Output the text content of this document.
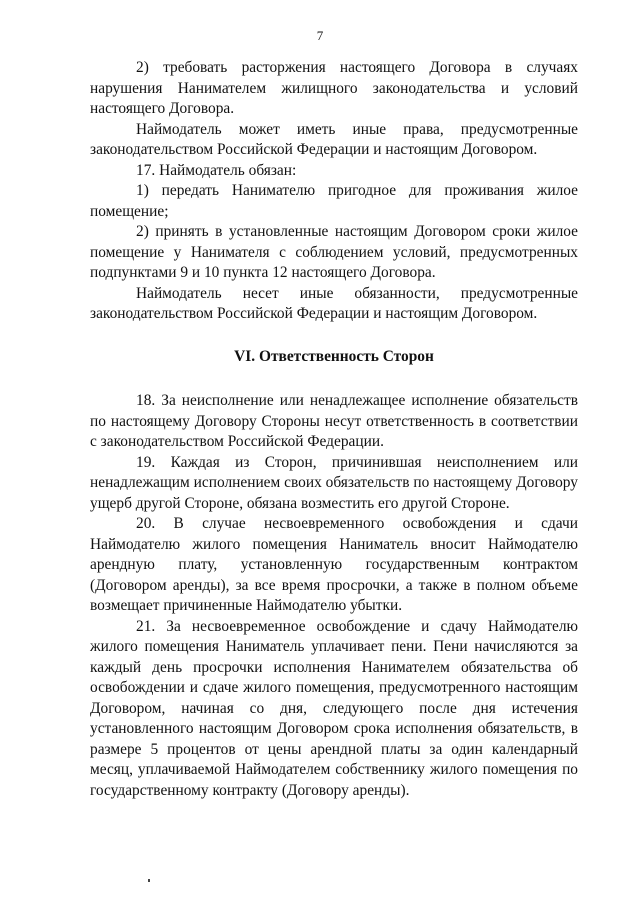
7

2) требовать расторжения настоящего Договора в случаях нарушения Нанимателем жилищного законодательства и условий настоящего Договора.

Наймодатель может иметь иные права, предусмотренные законодательством Российской Федерации и настоящим Договором.

17. Наймодатель обязан:

1) передать Нанимателю пригодное для проживания жилое помещение;

2) принять в установленные настоящим Договором сроки жилое помещение у Нанимателя с соблюдением условий, предусмотренных подпунктами 9 и 10 пункта 12 настоящего Договора.

Наймодатель несет иные обязанности, предусмотренные законодательством Российской Федерации и настоящим Договором.

VI. Ответственность Сторон

18. За неисполнение или ненадлежащее исполнение обязательств по настоящему Договору Стороны несут ответственность в соответствии с законодательством Российской Федерации.

19. Каждая из Сторон, причинившая неисполнением или ненадлежащим исполнением своих обязательств по настоящему Договору ущерб другой Стороне, обязана возместить его другой Стороне.

20. В случае несвоевременного освобождения и сдачи Наймодателю жилого помещения Наниматель вносит Наймодателю арендную плату, установленную государственным контрактом (Договором аренды), за все время просрочки, а также в полном объеме возмещает причиненные Наймодателю убытки.

21. За несвоевременное освобождение и сдачу Наймодателю жилого помещения Наниматель уплачивает пени. Пени начисляются за каждый день просрочки исполнения Нанимателем обязательства об освобождении и сдаче жилого помещения, предусмотренного настоящим Договором, начиная со дня, следующего после дня истечения установленного настоящим Договором срока исполнения обязательств, в размере 5 процентов от цены арендной платы за один календарный месяц, уплачиваемой Наймодателем собственнику жилого помещения по государственному контракту (Договору аренды).
